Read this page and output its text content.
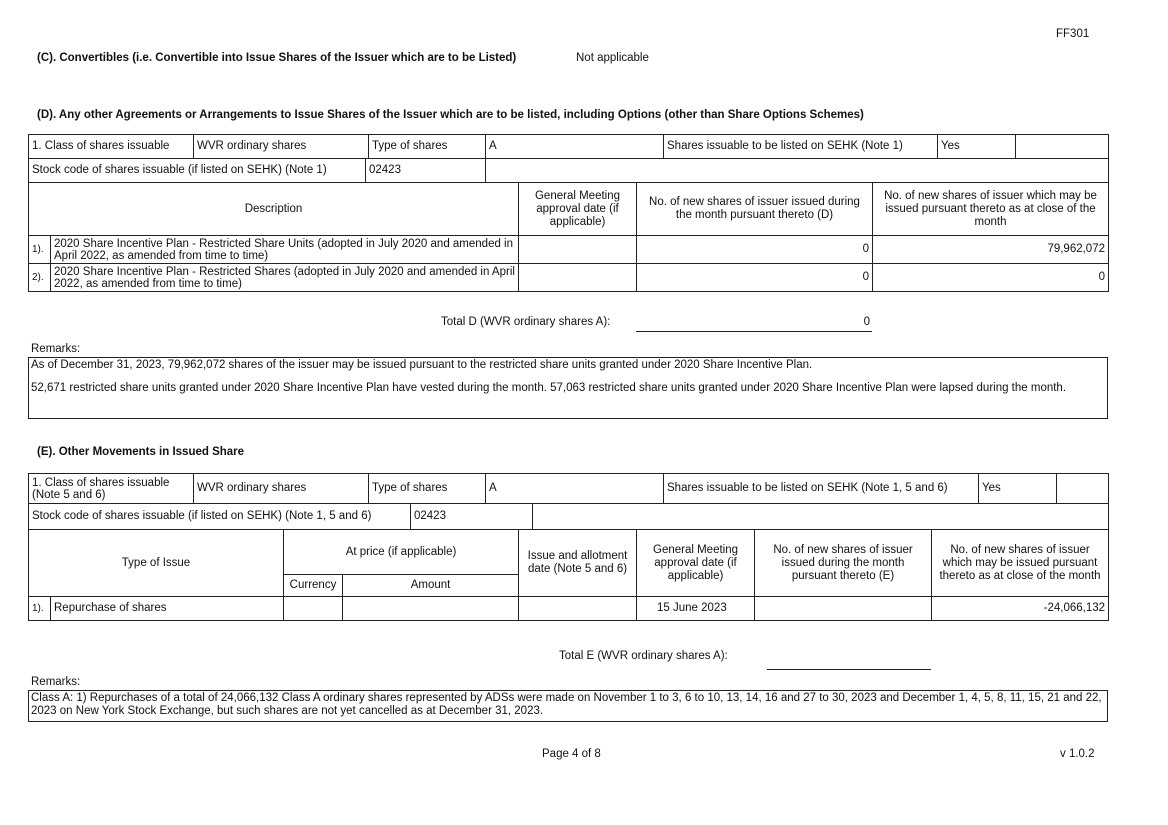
FF301
(C). Convertibles (i.e. Convertible into Issue Shares of the Issuer which are to be Listed)	Not applicable
(D). Any other Agreements or Arrangements to Issue Shares of the Issuer which are to be listed, including Options (other than Share Options Schemes)
1. Class of shares issuable	WVR ordinary shares	Type of shares	A	Shares issuable to be listed on SEHK (Note 1)	Yes	
Stock code of shares issuable (if listed on SEHK) (Note 1)	02423	
Description		General Meeting approval date (if applicable)	No. of new shares of issuer issued during the month pursuant thereto (D)	No. of new shares of issuer which may be issued pursuant thereto as at close of the month
1).	2020 Share Incentive Plan - Restricted Share Units (adopted in July 2020 and amended in April 2022, as amended from time to time)		0	79,962,072
2).	2020 Share Incentive Plan - Restricted Shares (adopted in July 2020 and amended in April 2022, as amended from time to time)		0	0
Total D (WVR ordinary shares A):	0
Remarks:
As of December 31, 2023, 79,962,072 shares of the issuer may be issued pursuant to the restricted share units granted under 2020 Share Incentive Plan.
52,671 restricted share units granted under 2020 Share Incentive Plan have vested during the month. 57,063 restricted share units granted under 2020 Share Incentive Plan were lapsed during the month.
(E). Other Movements in Issued Share
1. Class of shares issuable (Note 5 and 6)	WVR ordinary shares	Type of shares	A	Shares issuable to be listed on SEHK (Note 1, 5 and 6)	Yes	
Stock code of shares issuable (if listed on SEHK) (Note 1, 5 and 6)	02423	
Type of Issue		At price (if applicable)		Issue and allotment date (Note 5 and 6)	General Meeting approval date (if applicable)	No. of new shares of issuer issued during the month pursuant thereto (E)	No. of new shares of issuer which may be issued pursuant thereto as at close of the month
		Currency	Amount				
1).	Repurchase of shares				15 June 2023		-24,066,132
Total E (WVR ordinary shares A):
Remarks:
Class A: 1) Repurchases of a total of 24,066,132 Class A ordinary shares represented by ADSs were made on November 1 to 3, 6 to 10, 13, 14, 16 and 27 to 30, 2023 and December 1, 4, 5, 8, 11, 15, 21 and 22, 2023 on New York Stock Exchange, but such shares are not yet cancelled as at December 31, 2023.
Page 4 of 8	v 1.0.2
